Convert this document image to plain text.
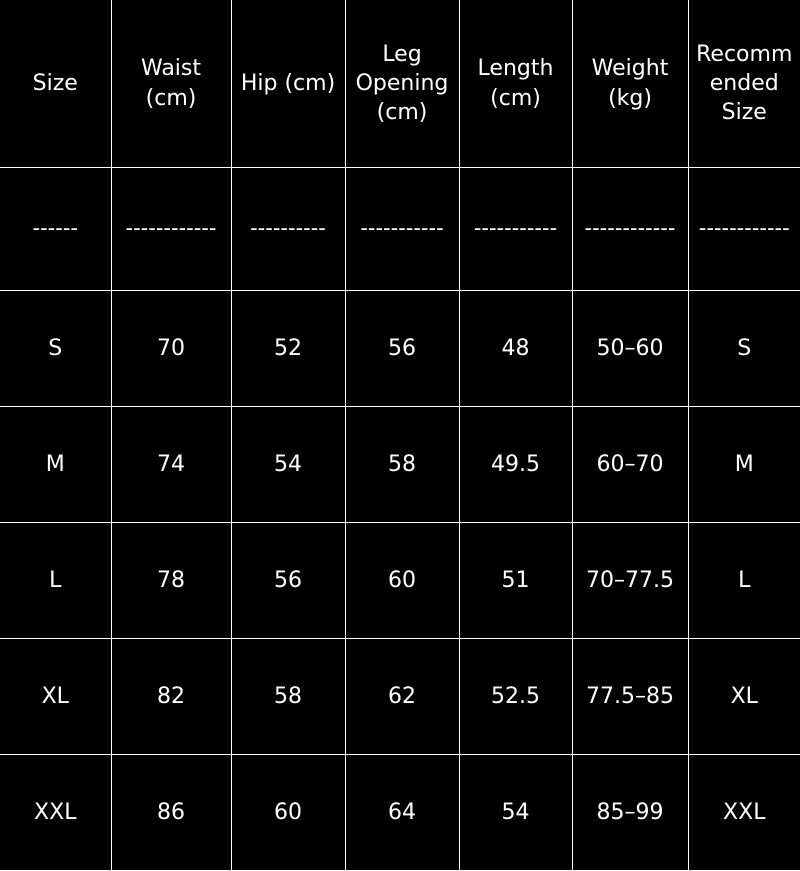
Size	Waist (cm)	Hip (cm)	Leg Opening (cm)	Length (cm)	Weight (kg)	Recommended Size
------	------------	----------	-----------	-----------	------------	------------
S	70	52	56	48	50–60	S
M	74	54	58	49.5	60–70	M
L	78	56	60	51	70–77.5	L
XL	82	58	62	52.5	77.5–85	XL
XXL	86	60	64	54	85–99	XXL
